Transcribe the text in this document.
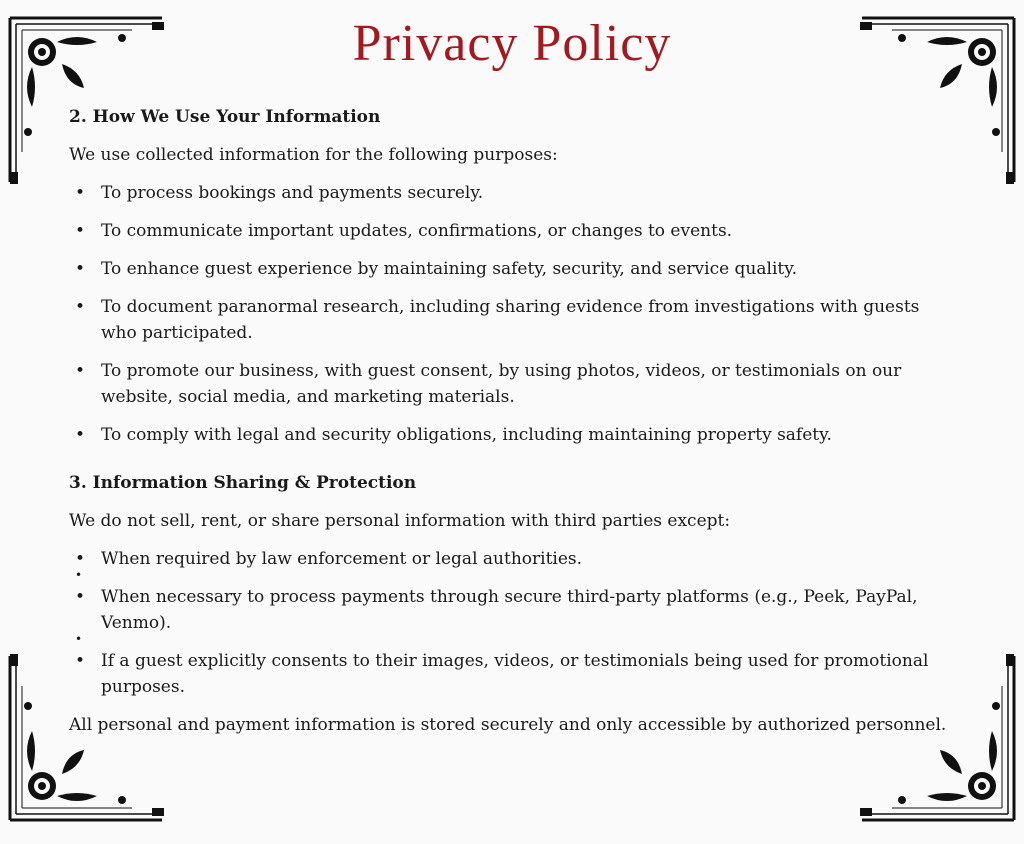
Privacy Policy
2. How We Use Your Information

We use collected information for the following purposes:

• To process bookings and payments securely.
• To communicate important updates, confirmations, or changes to events.
• To enhance guest experience by maintaining safety, security, and service quality.
• To document paranormal research, including sharing evidence from investigations with guests who participated.
• To promote our business, with guest consent, by using photos, videos, or testimonials on our website, social media, and marketing materials.
• To comply with legal and security obligations, including maintaining property safety.
3. Information Sharing & Protection

We do not sell, rent, or share personal information with third parties except:

• When required by law enforcement or legal authorities.
•
• When necessary to process payments through secure third-party platforms (e.g., Peek, PayPal, Venmo).
•
• If a guest explicitly consents to their images, videos, or testimonials being used for promotional purposes.

All personal and payment information is stored securely and only accessible by authorized personnel.
